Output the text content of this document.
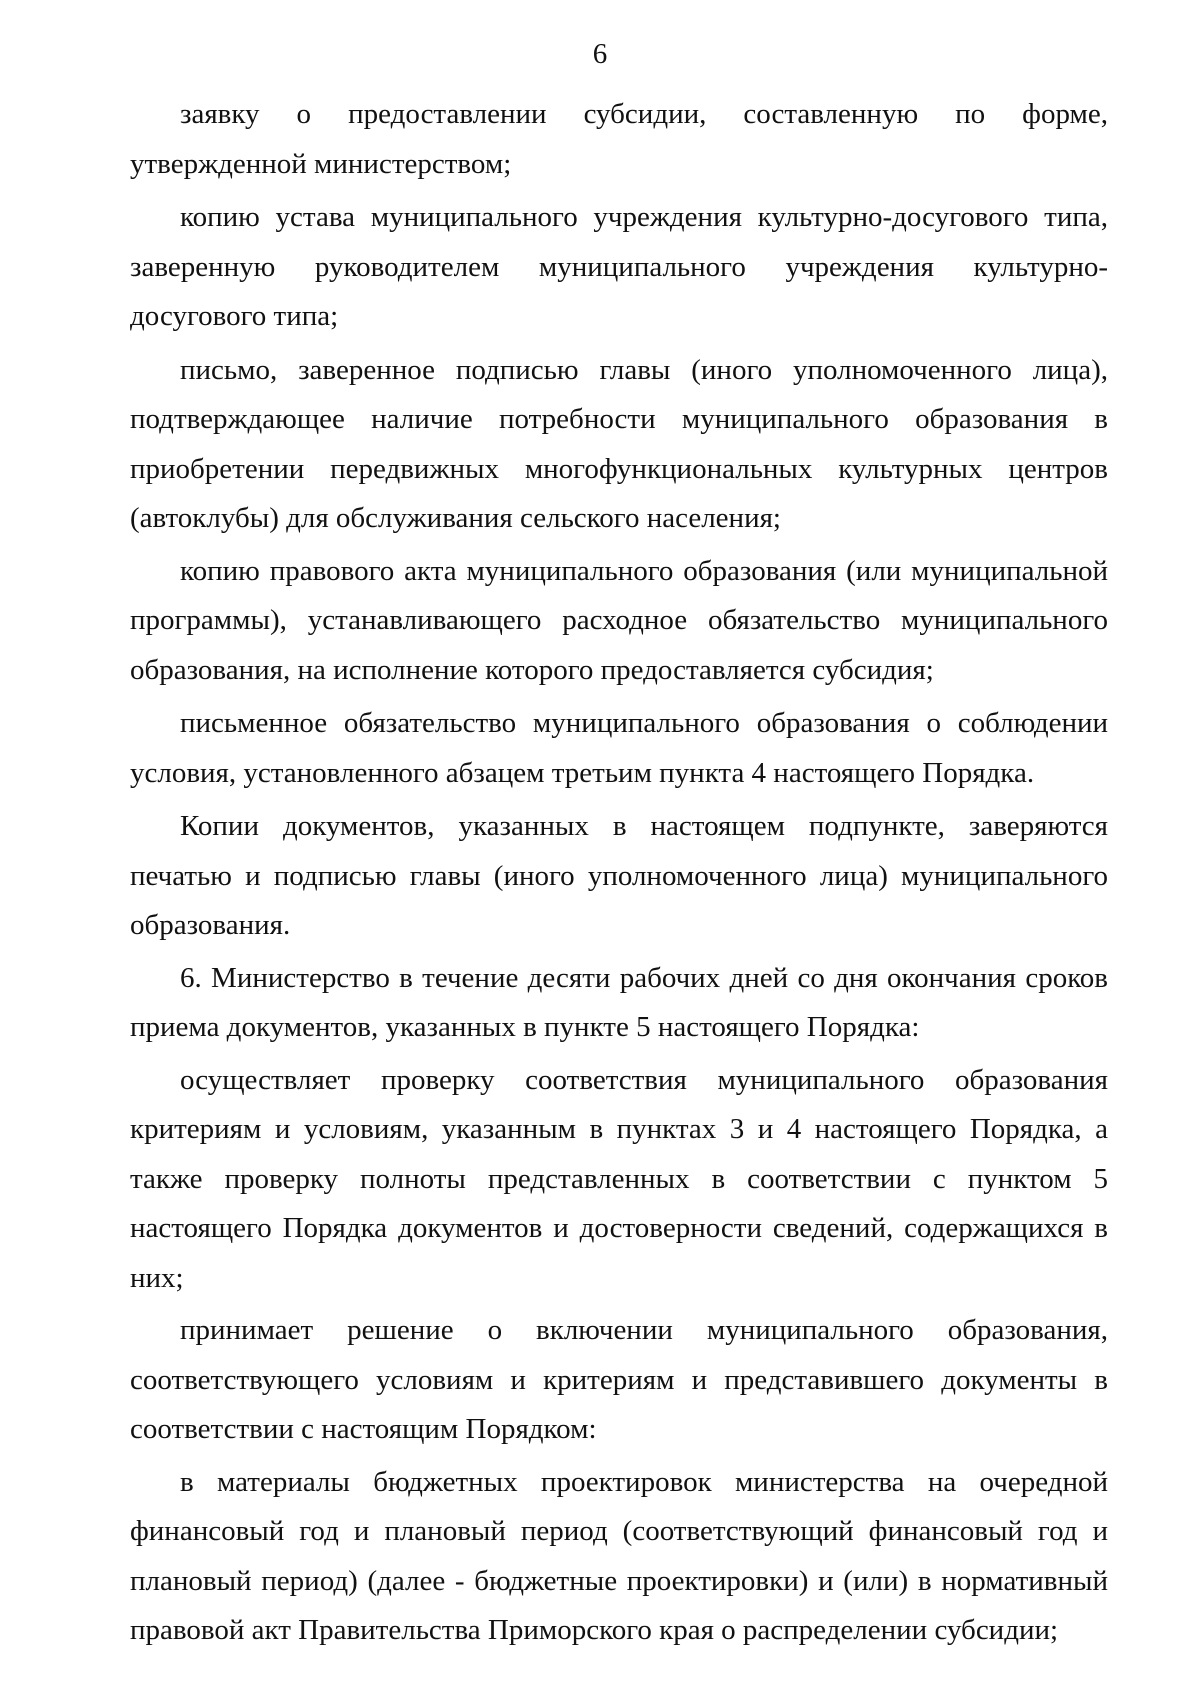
6

заявку о предоставлении субсидии, составленную по форме, утвержденной министерством;

копию устава муниципального учреждения культурно-досугового типа, заверенную руководителем муниципального учреждения культурно-досугового типа;

письмо, заверенное подписью главы (иного уполномоченного лица), подтверждающее наличие потребности муниципального образования в приобретении передвижных многофункциональных культурных центров (автоклубы) для обслуживания сельского населения;

копию правового акта муниципального образования (или муниципальной программы), устанавливающего расходное обязательство муниципального образования, на исполнение которого предоставляется субсидия;

письменное обязательство муниципального образования о соблюдении условия, установленного абзацем третьим пункта 4 настоящего Порядка.

Копии документов, указанных в настоящем подпункте, заверяются печатью и подписью главы (иного уполномоченного лица) муниципального образования.

6. Министерство в течение десяти рабочих дней со дня окончания сроков приема документов, указанных в пункте 5 настоящего Порядка:

осуществляет проверку соответствия муниципального образования критериям и условиям, указанным в пунктах 3 и 4 настоящего Порядка, а также проверку полноты представленных в соответствии с пунктом 5 настоящего Порядка документов и достоверности сведений, содержащихся в них;

принимает решение о включении муниципального образования, соответствующего условиям и критериям и представившего документы в соответствии с настоящим Порядком:

в материалы бюджетных проектировок министерства на очередной финансовый год и плановый период (соответствующий финансовый год и плановый период) (далее - бюджетные проектировки) и (или) в нормативный правовой акт Правительства Приморского края о распределении субсидии;
